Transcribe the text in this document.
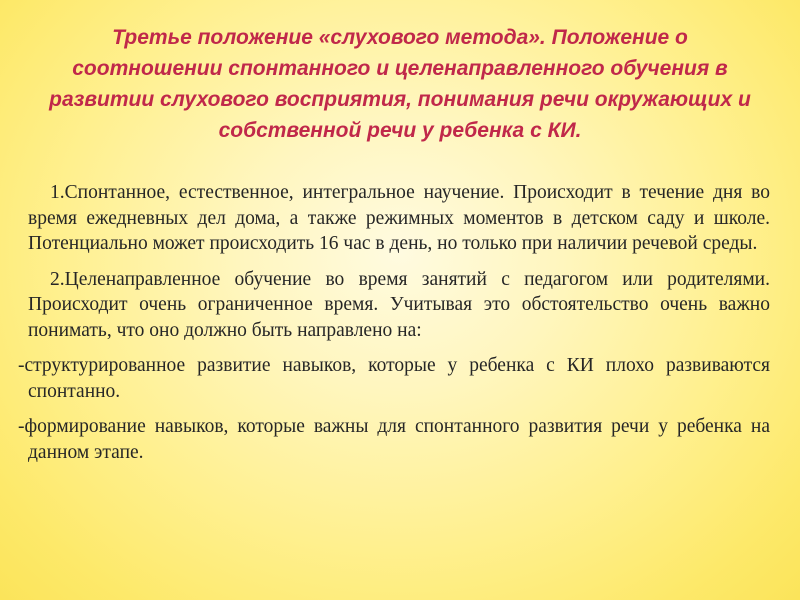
Третье положение «слухового метода». Положение о соотношении спонтанного и целенаправленного обучения в развитии слухового восприятия, понимания речи окружающих и собственной речи у ребенка с КИ.

1.Спонтанное, естественное, интегральное научение. Происходит в течение дня во время ежедневных дел дома, а также режимных моментов в детском саду и школе. Потенциально может происходить 16 час в день, но только при наличии речевой среды.

2.Целенаправленное обучение во время занятий с педагогом или родителями. Происходит очень ограниченное время. Учитывая это обстоятельство очень важно понимать, что оно должно быть направлено на:

-структурированное развитие навыков, которые у ребенка с КИ плохо развиваются спонтанно.

-формирование навыков, которые важны для спонтанного развития речи у ребенка на данном этапе.
